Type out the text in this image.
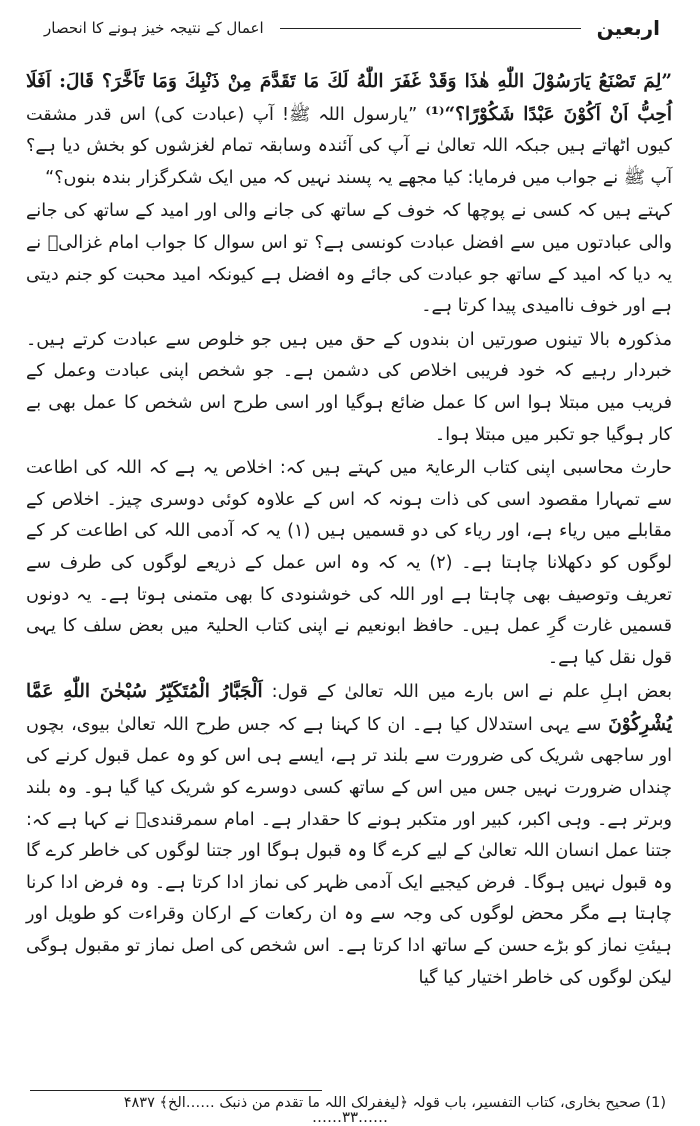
اربعین
اعمال کے نتیجہ خیز ہونے کا انحصار

”لِمَ تَصْنَعُ یَارَسُوْلَ اللّٰهِ هٰذَا وَقَدْ غَفَرَ اللّٰهُ لَكَ مَا تَقَدَّمَ مِنْ ذَنْبِكَ وَمَا تَاَخَّرَ؟ قَالَ: اَفَلَا اُحِبُّ اَنْ اَكُوْنَ عَبْدًا شَكُوْرًا؟“⁽¹⁾ ”یارسول اللہ ﷺ! آپ (عبادت کی) اس قدر مشقت کیوں اٹھاتے ہیں جبکہ اللہ تعالیٰ نے آپ کی آئندہ وسابقہ تمام لغزشوں کو بخش دیا ہے؟ آپ ﷺ نے جواب میں فرمایا: کیا مجھے یہ پسند نہیں کہ میں ایک شکرگزار بندہ بنوں؟“

کہتے ہیں کہ کسی نے پوچھا کہ خوف کے ساتھ کی جانے والی اور امید کے ساتھ کی جانے والی عبادتوں میں سے افضل عبادت کونسی ہے؟ تو اس سوال کا جواب امام غزالیؒ نے یہ دیا کہ امید کے ساتھ جو عبادت کی جائے وہ افضل ہے کیونکہ امید محبت کو جنم دیتی ہے اور خوف ناامیدی پیدا کرتا ہے۔

مذکورہ بالا تینوں صورتیں ان بندوں کے حق میں ہیں جو خلوص سے عبادت کرتے ہیں۔ خبردار رہیے کہ خود فریبی اخلاص کی دشمن ہے۔ جو شخص اپنی عبادت وعمل کے فریب میں مبتلا ہوا اس کا عمل ضائع ہوگیا اور اسی طرح اس شخص کا عمل بھی بے کار ہوگیا جو تکبر میں مبتلا ہوا۔

حارث محاسبی اپنی کتاب الرعایۃ میں کہتے ہیں کہ: اخلاص یہ ہے کہ اللہ کی اطاعت سے تمہارا مقصود اسی کی ذات ہونہ کہ اس کے علاوہ کوئی دوسری چیز۔ اخلاص کے مقابلے میں ریاء ہے، اور ریاء کی دو قسمیں ہیں (۱) یہ کہ آدمی اللہ کی اطاعت کر کے لوگوں کو دکھلانا چاہتا ہے۔ (۲) یہ کہ وہ اس عمل کے ذریعے لوگوں کی طرف سے تعریف وتوصیف بھی چاہتا ہے اور اللہ کی خوشنودی کا بھی متمنی ہوتا ہے۔ یہ دونوں قسمیں غارت گرِ عمل ہیں۔ حافظ ابونعیم نے اپنی کتاب الحلیۃ میں بعض سلف کا یہی قول نقل کیا ہے۔

بعض اہلِ علم نے اس بارے میں اللہ تعالیٰ کے قول: اَلْجَبَّارُ الْمُتَكَبِّرُ سُبْحٰنَ اللّٰهِ عَمَّا یُشْرِكُوْنَ سے یہی استدلال کیا ہے۔ ان کا کہنا ہے کہ جس طرح اللہ تعالیٰ بیوی، بچوں اور ساجھی شریک کی ضرورت سے بلند تر ہے، ایسے ہی اس کو وہ عمل قبول کرنے کی چنداں ضرورت نہیں جس میں اس کے ساتھ کسی دوسرے کو شریک کیا گیا ہو۔ وہ بلند وبرتر ہے۔ وہی اکبر، کبیر اور متکبر ہونے کا حقدار ہے۔ امام سمرقندیؒ نے کہا ہے کہ: جتنا عمل انسان اللہ تعالیٰ کے لیے کرے گا وہ قبول ہوگا اور جتنا لوگوں کی خاطر کرے گا وہ قبول نہیں ہوگا۔ فرض کیجیے ایک آدمی ظہر کی نماز ادا کرتا ہے۔ وہ فرض ادا کرنا چاہتا ہے مگر محض لوگوں کی وجہ سے وہ ان رکعات کے ارکان وقراءت کو طویل اور ہیئتِ نماز کو بڑے حسن کے ساتھ ادا کرتا ہے۔ اس شخص کی اصل نماز تو مقبول ہوگی لیکن لوگوں کی خاطر اختیار کیا گیا

(1) صحیح بخاری، کتاب التفسیر، باب قولہ ﴿لیغفرلک اللہ ما تقدم من ذنبک ……الخ﴾ ۴۸۳۷
……۳۳……
